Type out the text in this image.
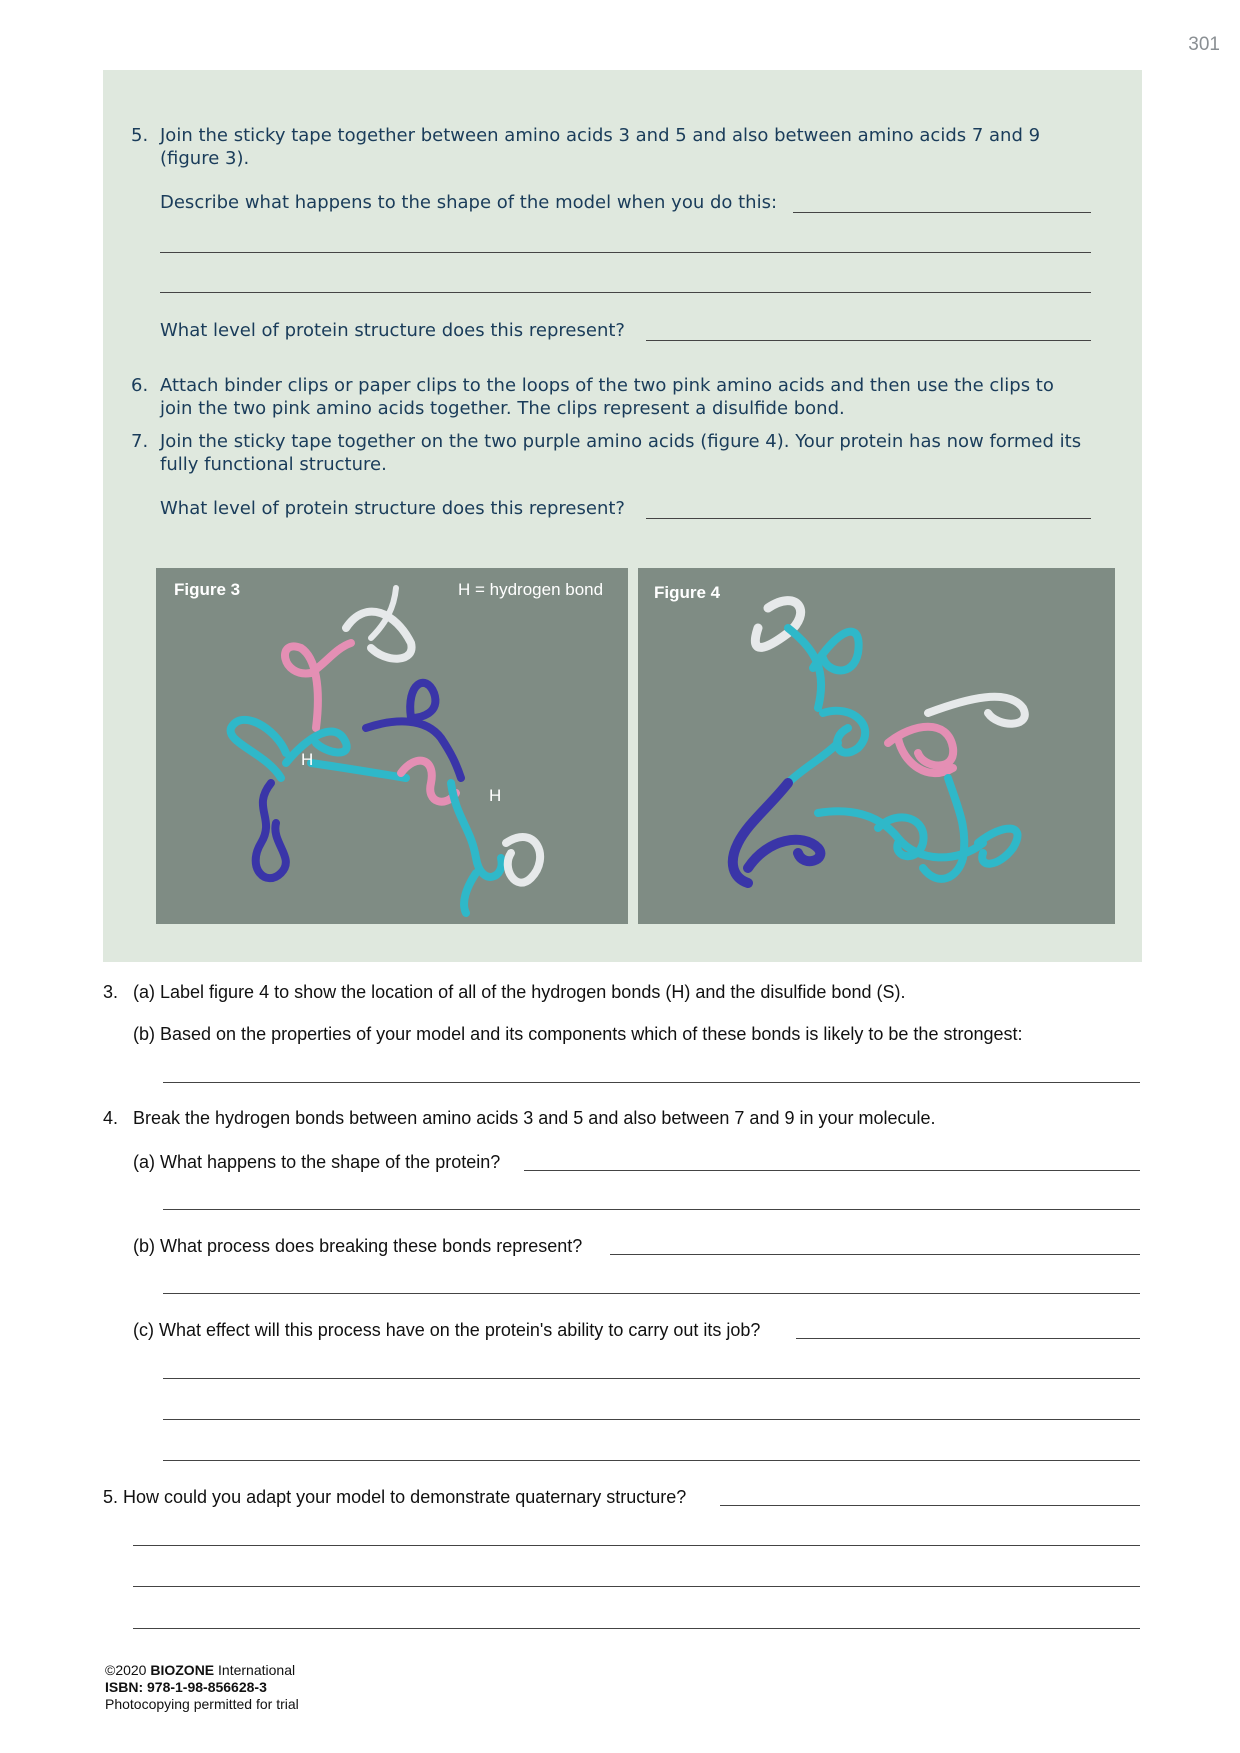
301
5. Join the sticky tape together between amino acids 3 and 5 and also between amino acids 7 and 9 (figure 3).
Describe what happens to the shape of the model when you do this:
What level of protein structure does this represent?
6. Attach binder clips or paper clips to the loops of the two pink amino acids and then use the clips to join the two pink amino acids together. The clips represent a disulfide bond.
7. Join the sticky tape together on the two purple amino acids (figure 4). Your protein has now formed its fully functional structure.
What level of protein structure does this represent?
Figure 3	H = hydrogen bond
H
H
Figure 4
3. (a) Label figure 4 to show the location of all of the hydrogen bonds (H) and the disulfide bond (S).
(b) Based on the properties of your model and its components which of these bonds is likely to be the strongest:
4. Break the hydrogen bonds between amino acids 3 and 5 and also between 7 and 9 in your molecule.
(a) What happens to the shape of the protein?
(b) What process does breaking these bonds represent?
(c) What effect will this process have on the protein's ability to carry out its job?
5. How could you adapt your model to demonstrate quaternary structure?
©2020 BIOZONE International
ISBN: 978-1-98-856628-3
Photocopying permitted for trial
